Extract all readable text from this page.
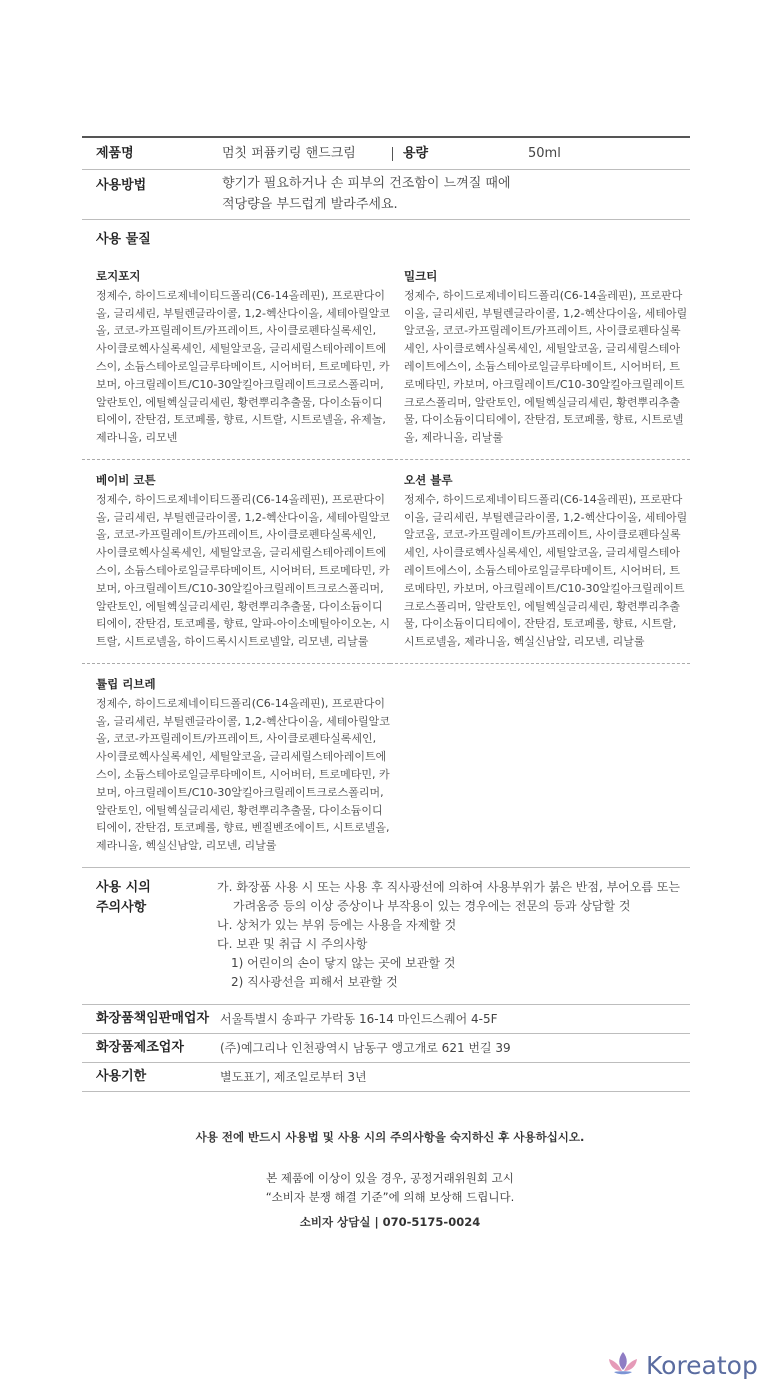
제품명	멈칫 퍼퓸키링 핸드크림	용량	50ml
사용방법	향기가 필요하거나 손 피부의 건조함이 느껴질 때에
적당량을 부드럽게 발라주세요.
사용 물질
로지포지
정제수, 하이드로제네이티드폴리(C6-14올레핀), 프로판다이올, 글리세린, 부틸렌글라이콜, 1,2-헥산다이올, 세테아릴알코올, 코코-카프릴레이트/카프레이트, 사이클로펜타실록세인, 사이클로헥사실록세인, 세틸알코올, 글리세릴스테아레이트에스이, 소듐스테아로일글루타메이트, 시어버터, 트로메타민, 카보머, 아크릴레이트/C10-30알킬아크릴레이트크로스폴리머, 알란토인, 에틸헥실글리세린, 황련뿌리추출물, 다이소듐이디티에이, 잔탄검, 토코페롤, 향료, 시트랄, 시트로넬올, 유제놀, 제라니올, 리모넨
밀크티
정제수, 하이드로제네이티드폴리(C6-14올레핀), 프로판다이올, 글리세린, 부틸렌글라이콜, 1,2-헥산다이올, 세테아릴알코올, 코코-카프릴레이트/카프레이트, 사이클로펜타실록세인, 사이클로헥사실록세인, 세틸알코올, 글리세릴스테아레이트에스이, 소듐스테아로일글루타메이트, 시어버터, 트로메타민, 카보머, 아크릴레이트/C10-30알킬아크릴레이트크로스폴리머, 알란토인, 에틸헥실글리세린, 황련뿌리추출물, 다이소듐이디티에이, 잔탄검, 토코페롤, 향료, 시트로넬올, 제라니올, 리날룰
베이비 코튼
정제수, 하이드로제네이티드폴리(C6-14올레핀), 프로판다이올, 글리세린, 부틸렌글라이콜, 1,2-헥산다이올, 세테아릴알코올, 코코-카프릴레이트/카프레이트, 사이클로펜타실록세인, 사이클로헥사실록세인, 세틸알코올, 글리세릴스테아레이트에스이, 소듐스테아로일글루타메이트, 시어버터, 트로메타민, 카보머, 아크릴레이트/C10-30알킬아크릴레이트크로스폴리머, 알란토인, 에틸헥실글리세린, 황련뿌리추출물, 다이소듐이디티에이, 잔탄검, 토코페롤, 향료, 알파-아이소메틸아이오논, 시트랄, 시트로넬올, 하이드록시시트로넬알, 리모넨, 리날룰
오션 블루
정제수, 하이드로제네이티드폴리(C6-14올레핀), 프로판다이올, 글리세린, 부틸렌글라이콜, 1,2-헥산다이올, 세테아릴알코올, 코코-카프릴레이트/카프레이트, 사이클로펜타실록세인, 사이클로헥사실록세인, 세틸알코올, 글리세릴스테아레이트에스이, 소듐스테아로일글루타메이트, 시어버터, 트로메타민, 카보머, 아크릴레이트/C10-30알킬아크릴레이트크로스폴리머, 알란토인, 에틸헥실글리세린, 황련뿌리추출물, 다이소듐이디티에이, 잔탄검, 토코페롤, 향료, 시트랄, 시트로넬올, 제라니올, 헥실신남알, 리모넨, 리날룰
튤립 리브레
정제수, 하이드로제네이티드폴리(C6-14올레핀), 프로판다이올, 글리세린, 부틸렌글라이콜, 1,2-헥산다이올, 세테아릴알코올, 코코-카프릴레이트/카프레이트, 사이클로펜타실록세인, 사이클로헥사실록세인, 세틸알코올, 글리세릴스테아레이트에스이, 소듐스테아로일글루타메이트, 시어버터, 트로메타민, 카보머, 아크릴레이트/C10-30알킬아크릴레이트크로스폴리머, 알란토인, 에틸헥실글리세린, 황련뿌리추출물, 다이소듐이디티에이, 잔탄검, 토코페롤, 향료, 벤질벤조에이트, 시트로넬올, 제라니올, 헥실신남알, 리모넨, 리날룰
사용 시의
주의사항

가. 화장품 사용 시 또는 사용 후 직사광선에 의하여 사용부위가 붉은 반점, 부어오름 또는

가려움증 등의 이상 증상이나 부작용이 있는 경우에는 전문의 등과 상담할 것

나. 상처가 있는 부위 등에는 사용을 자제할 것

다. 보관 및 취급 시 주의사항

1) 어린이의 손이 닿지 않는 곳에 보관할 것

2) 직사광선을 피해서 보관할 것

화장품책임판매업자 서울특별시 송파구 가락동 16-14 마인드스퀘어 4-5F
화장품제조업자	(주)예그리나 인천광역시 남동구 앵고개로 621 번길 39
사용기한	별도표기, 제조일로부터 3년
사용 전에 반드시 사용법 및 사용 시의 주의사항을 숙지하신 후 사용하십시오.
본 제품에 이상이 있을 경우, 공정거래위원회 고시
“소비자 분쟁 해결 기준”에 의해 보상해 드립니다.
소비자 상담실 | 070-5175-0024
Koreatop
